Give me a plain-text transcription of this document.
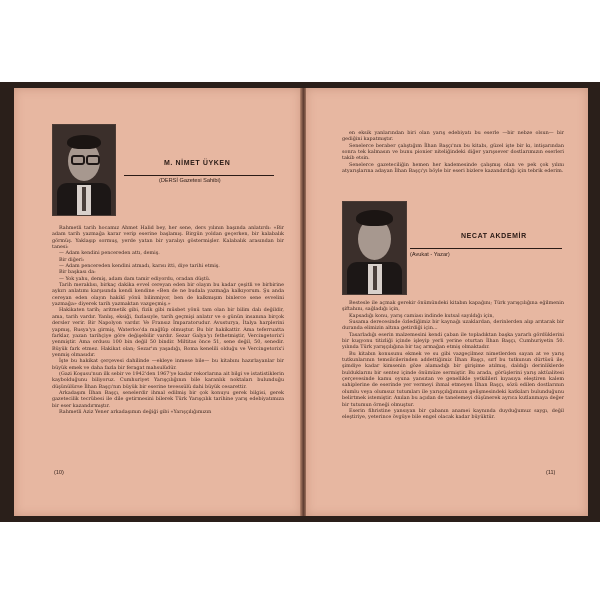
M. NİMET ÜYKEN
(DERSİ Gazetesi Sahibi)

Rahmetli tarih hocamız Ahmet Halid bey, her sene, ders yılının başında anlatırdı: «Bir adam tarih yazmağa karar verip eserine başlamış. Birgün yoldan geçerken, bir kalabalık görmüş. Yaklaşıp sormuş, yerde yatan bir yaralıyı göstermişler. Kalabalık arasından bir tanesi:

— Adam kendini pencereden attı, demiş.

Bir diğeri:

— Adam pencereden kendini atmadı, karısı itti, diye tarihi etmiş.

Bir başkası da:

— Yok yahu, demiş, adam dam tamir ediyordu, oradan düştü.

Tarih meraklısı, birkaç dakika evvel cereyan eden bir olayın bu kadar çeşitli ve birbirine aykırı anlatımı karşısında kendi kendine «Ben de ne budala yazmağa kalkıyorum. Şu anda cereyan eden olayın hakikî yönü bilinmiyor, ben de kalkmışım binlerce sene evvelini yazmağa» diyerek tarih yazmaktan vazgeçmiş.»

Hakikaten tarih; aritmetik gibi, fizik gibi müsbet yönü tam olan bir bilim dalı değildir, ama, tarih vardır. Yanlış, eksiği, fazlasıyle, tarih geçmişi anlatır ve o günün insanına birçok dersler verir. Bir Napolyon vardır. Ve Fransız İmparatorudur. Avusturya, İtalya harplerini yapmış, Rusya'ya girmiş, Waterloo'da mağlûp olmuştur. Bu bir hakikattir. Ama teferruatta farklar, yazan tarihçiye göre değişebilir vardır. Sezar Galya'yı fethetmiştir, Vercingetorix'i yenmiştir. Ama ordusu 100 bin değil 50 bindir. Miltitas önce 51, sene değil, 50, senedir. Büyük fark etmez. Hakikat olan; Sezar'ın yaşadığı, Roma kenelili olduğu ve Vercingetorix'i yenmiş olmasıdır.

İşte bu hakikat çerçevesi dahilinde —ekleye inmese bile— bu kitabını hazırlayanlar bir büyük emek ve daha fazla bir feragat mahsulüdür.

(Gazi Koşusu'nun ilk sebir ve 1942'den 1967'ye kadar rekorlarına ait bilgi ve istatistiklerin kaybolduğunu biliyoruz. Cumhuriyet Yarışçılığının bile karanlık noktaları bulunduğu düşünülürse İlhan Başçı'nın büyük bir eserine tevessülü dahi büyük cesarettir.

Arkadaşım İlhan Başçı, senelerdir ihmal edilmiş bir çok konuyu gerek bilgisi, gerek gazetecilik tecrübesi ile dile getirmesini bilerek Türk Yarışçılık tarihine yarış edebiyatımıza bir eser kazandırmıştır.

Rahmetli Aziz Yener arkadaşımın değiği gibi «Yarışçılığımızın

(10)

en eksik yanlarından biri olan yarış edebiyatı bu eserle —bir nebze olsun— bir gediğini kapatmıştır.

Senelerce beraber çalıştığım İlhan Başçı'nın bu kitabı, güzel işte bir kı, intişarından sonra tek kalmasın ve bunu pionier niteliğindeki diğer yarışsever dostlarımızın eserleri takib etsin.

Senelerce gazeteciliğin hemen her kademesinde çalışmış olan ve pek çok yılını atyarışlarına adayan İlhan Başçı'yı böyle bir eseri bizlere kazandırdığı için tebrik ederim.

NECAT AKDEMİR
(Avukat - Yazar)

Bestesle ile açmak gerekir önümündeki kitabın kapağını; Türk yarışçılığına eğilmenin şiftahını, sağladığı için,

Kapsadığı konu, yarış camiası indinde kutsal sayıldığı için,

Susama derecesinde özlediğimiz bir kaynağı uzaklardan, derinlerden alıp arıtarak bir duranda elimizin altına getirdiği için...

Tasarladığı eserin malzemesini kendi çaban ile topladıktan başka yararlı gördüklerini bir kuşyonu titizliği içinde işleyip yerli yerine oturtan İlhan Başçı, Cumhuriyetin 50. yılında Türk yarışçılığına bir taç armağan etmiş olmaktadır.

Bu kitabın konusunu ekmek ve su gibi vazgeçilmez nimetlerden sayan at ve yarış tutkunlarının temsilcilerinden addettiğimiz İlhan Başçı, sırf bu tutkunun dürtüsü ile, şimdiye kadar kimsenin göze alamadığı bir girişime atılmış, daldığı derinliklerde bulduklarını bir sentez içinde önümüze sermiştir. Bu arada, görüşlerini yarış aktüalitesi çerçevesinde kamu oyuna yansıtan ve genellikle yetkilileri kıyasıya eleştiren kalem sahiplerine de eserinde yer vermeyi ihmal etmeyen İlhan Başçı, sözü edilen dostlarının olumlu veya olumsuz tutumları ile yarışçılığımızın gelişmesindeki katkıları bulunduğunu belirtmek istemiştir. Anılan bu açıdan de tanelemeyi düşünerek ayrıca kutlanmaya değer bir tutumun örneği olmuştur.

Eserin fihristine yansıyan bir çabanın anamei kaynında duyduğumuz saygı, değil eleştiriye, yeterince övgüye bile engel olacak kadar büyüktür.

(11)
